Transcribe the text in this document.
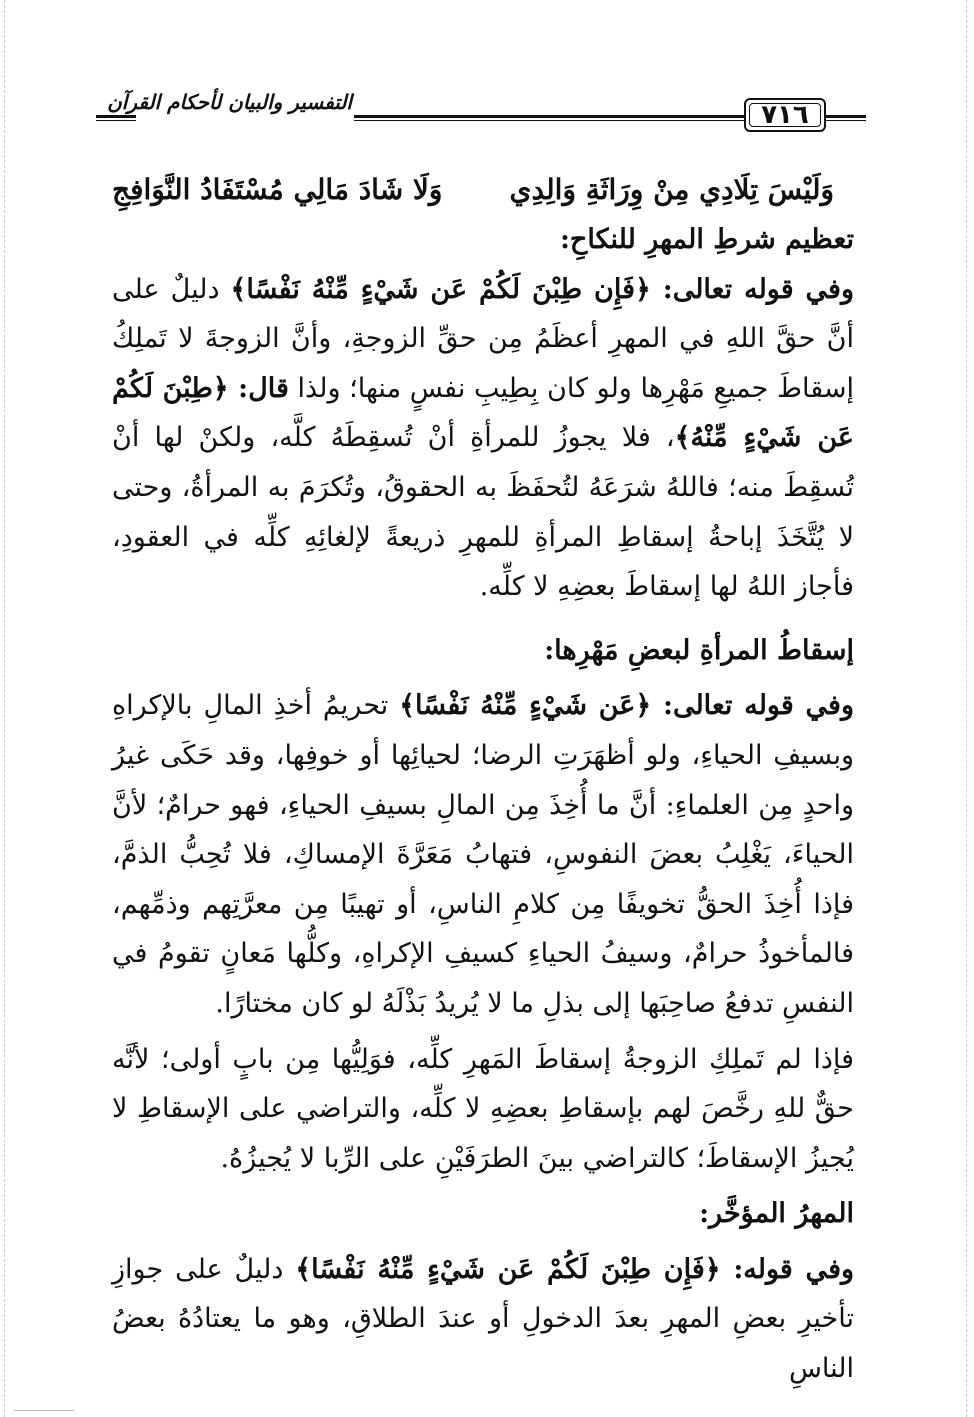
التفسير والبيان لأحكام القرآن	٧١٦
وَلَيْسَ تِلَادِي مِنْ وِرَاثَةِ وَالِدِي
وَلَا شَادَ مَالِي مُسْتَفَادُ النَّوَافِجِ
تعظيم شرطِ المهرِ للنكاحِ:

وفي قوله تعالى: ﴿فَإِن طِبْنَ لَكُمْ عَن شَيْءٍ مِّنْهُ نَفْسًا﴾ دليلٌ على أنَّ حقَّ اللهِ في المهرِ أعظَمُ مِن حقِّ الزوجةِ، وأنَّ الزوجةَ لا تَملِكُ إسقاطَ جميعِ مَهْرِها ولو كان بِطِيبِ نفسٍ منها؛ ولذا قال: ﴿طِبْنَ لَكُمْ عَن شَيْءٍ مِّنْهُ﴾، فلا يجوزُ للمرأةِ أنْ تُسقِطَهُ كلَّه، ولكنْ لها أنْ تُسقِطَ منه؛ فاللهُ شرَعَهُ لتُحفَظَ به الحقوقُ، وتُكرَمَ به المرأةُ، وحتى لا يُتَّخَذَ إباحةُ إسقاطِ المرأةِ للمهرِ ذريعةً لإلغائِهِ كلِّه في العقودِ، فأجاز اللهُ لها إسقاطَ بعضِهِ لا كلِّه.

إسقاطُ المرأةِ لبعضِ مَهْرِها:

وفي قوله تعالى: ﴿عَن شَيْءٍ مِّنْهُ نَفْسًا﴾ تحريمُ أخذِ المالِ بالإكراهِ وبسيفِ الحياءِ، ولو أظهَرَتِ الرضا؛ لحيائِها أو خوفِها، وقد حَكَى غيرُ واحدٍ مِن العلماءِ: أنَّ ما أُخِذَ مِن المالِ بسيفِ الحياءِ، فهو حرامٌ؛ لأنَّ الحياءَ، يَغْلِبُ بعضَ النفوسِ، فتهابُ مَعَرَّةَ الإمساكِ، فلا تُحِبُّ الذمَّ، فإذا أُخِذَ الحقُّ تخويفًا مِن كلامِ الناسِ، أو تهيبًا مِن معرَّتِهم وذمِّهم، فالمأخوذُ حرامٌ، وسيفُ الحياءِ كسيفِ الإكراهِ، وكلُّها مَعانٍ تقومُ في النفسِ تدفعُ صاحِبَها إلى بذلِ ما لا يُريدُ بَذْلَهُ لو كان مختارًا.

فإذا لم تَملِكِ الزوجةُ إسقاطَ المَهرِ كلِّه، فوَلِيُّها مِن بابٍ أولى؛ لأنَّه حقٌّ للهِ رخَّصَ لهم بإسقاطِ بعضِهِ لا كلِّه، والتراضي على الإسقاطِ لا يُجيزُ الإسقاطَ؛ كالتراضي بينَ الطرَفَيْنِ على الرِّبا لا يُجيزُهُ.

المهرُ المؤخَّر:

وفي قوله: ﴿فَإِن طِبْنَ لَكُمْ عَن شَيْءٍ مِّنْهُ نَفْسًا﴾ دليلٌ على جوازِ تأخيرِ بعضِ المهرِ بعدَ الدخولِ أو عندَ الطلاقِ، وهو ما يعتادُهُ بعضُ الناسِ
